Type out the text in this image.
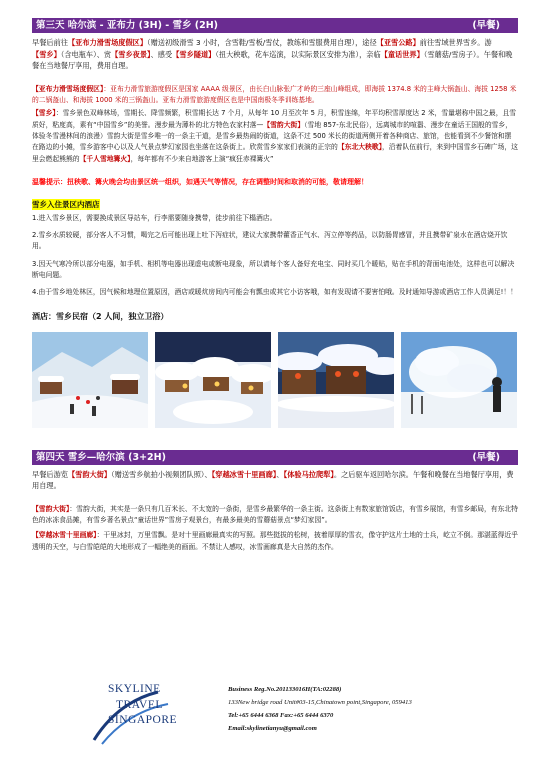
第三天 哈尔滨 - 亚布力 (3H) - 雪乡 (2H)	(早餐)

早餐后前往【亚布力滑雪场度假区】（赠送初级滑雪 3 小时，含雪鞋/雪板/雪仗，教练和雪服费用自理），途径【亚雪公路】前往雪域世界雪乡。游【雪乡】（含电瓶车）、赏【雪乡夜景】、感受【雪乡隧道】（扭大秧歌，花车巡演，以实际景区安排为准），亲临【童话世界】（雪蘑菇/雪房子）。午餐和晚餐在当地餐厅享用，费用自理。

【亚布力滑雪场度假区】：亚布力滑雪旅游度假区是国家 AAAA 级景区，由长白山脉张广才岭的三座山峰组成，即海拔 1374.8 米的主峰大锅盔山、海拔 1258 米的二锅盔山、和海拔 1000 米的三锅盔山。亚布力滑雪旅游度假区也是中国南极冬季训练基地。

【雪乡】：雪乡景色双峰林场，雪期长、降雪频繁，积雪期长达 7 个月，从每年 10 月至次年 5 月，积雪连绵，年平均积雪厚度达 2 米，雪量堪称中国之最，且雪质好，粘度高，素有“中国雪乡”的美誉。漫步最为薄朴的北方特色农家村落—【雪韵大街】（雪地 857-东北民俗），远离城市的喧嚣、漫步在童话王国般的雪乡，体验冬雪漫林间的浪漫）雪韵大街是雪乡唯一的一条主干道，是雪乡最热闹的街道，这条不过 500 米长的街道两侧开着各种商店、旅馆，也能看到不少餐馆和摆在路边的小摊，雪乡游客中心以及人气景点梦幻家园也坐落在这条街上。欣赏雪乡家家们表演的正宗的【东北大秧歌】，沿着队伍前行，来到中国雪乡石碑广场，这里会燃起熊熊的【千人雪地篝火】，每年都有不少来自地游客上演“疯狂赤裸篝火”

温馨提示：扭秧歌、篝火晚会均由景区统一组织，如遇天气等情况，存在调整时间和取消的可能，敬请理解！

雪乡入住景区内酒店

1.进入雪乡景区，需要换成景区导站车，行李需要随身携带，徒步前往下榻酒店。

2.雪乡水质较硬，部分客人不习惯，喝完之后可能出现上吐下泻症状，建议大家携带藿香正气水、泻立停等药品，以防肠胃感冒，并且携带矿泉水在酒店烧开饮用。

3.因天气寒冷所以部分电器，如手机、相机等电器出现虚电或断电现象，所以请每个客人备好充电宝、同时买几个暖贴，贴在手机的背面电池处，这样也可以解决断电问题。

4.由于雪乡地处林区，因气候和地理位置原因，酒店或暖炕房间内可能会有瓢虫或其它小访客哦，如有发现请不要害怕哦。及时通知导游或酒店工作人员满足!！！

酒店：雪乡民宿（2 人间，独立卫浴）

第四天 雪乡—哈尔滨 (3+2H)	(早餐)

早餐后游览【雪韵大街】（赠送雪乡航拍小视频团队照）、【穿越冰雪十里画廊】、【体验马拉爬犁】。之后驱车返回哈尔滨。午餐和晚餐在当地餐厅享用，费用自理。

【雪韵大街】：雪韵大街，其实是一条只有几百米长、不太宽的一条街，是雪乡最繁华的一条主街。这条街上有数家旅馆饭店，有雪乡展馆，有雪乡邮局，有东北特色的冰冻食品摊，有雪乡著名景点“童话世界”雪房子观景台，有最多最美的雪蘑菇景点“梦幻家园”。

【穿越冰雪十里画廊】：干里冰封，万里雪飘。是对十里画廊最真实的写照。那些挺拔的松树，披着厚厚的雪衣，像守护这片土地的士兵，屹立不倒。那湛蓝得近乎透明的天空，与白雪皑皑的大地形成了一幅绝美的画面。不禁让人感叹，冰雪画廊真是大自然的杰作。

SKYLINE
TRAVEL
SINGAPORE
Business Reg.No.201133016H(TA:02288)
133New bridge road Unit#03-15,Chinatown point,Singapore, 059413
Tel:+65 6444 6368 Fax:+65 6444 6370
Email:skylinetianyu@gmail.com
